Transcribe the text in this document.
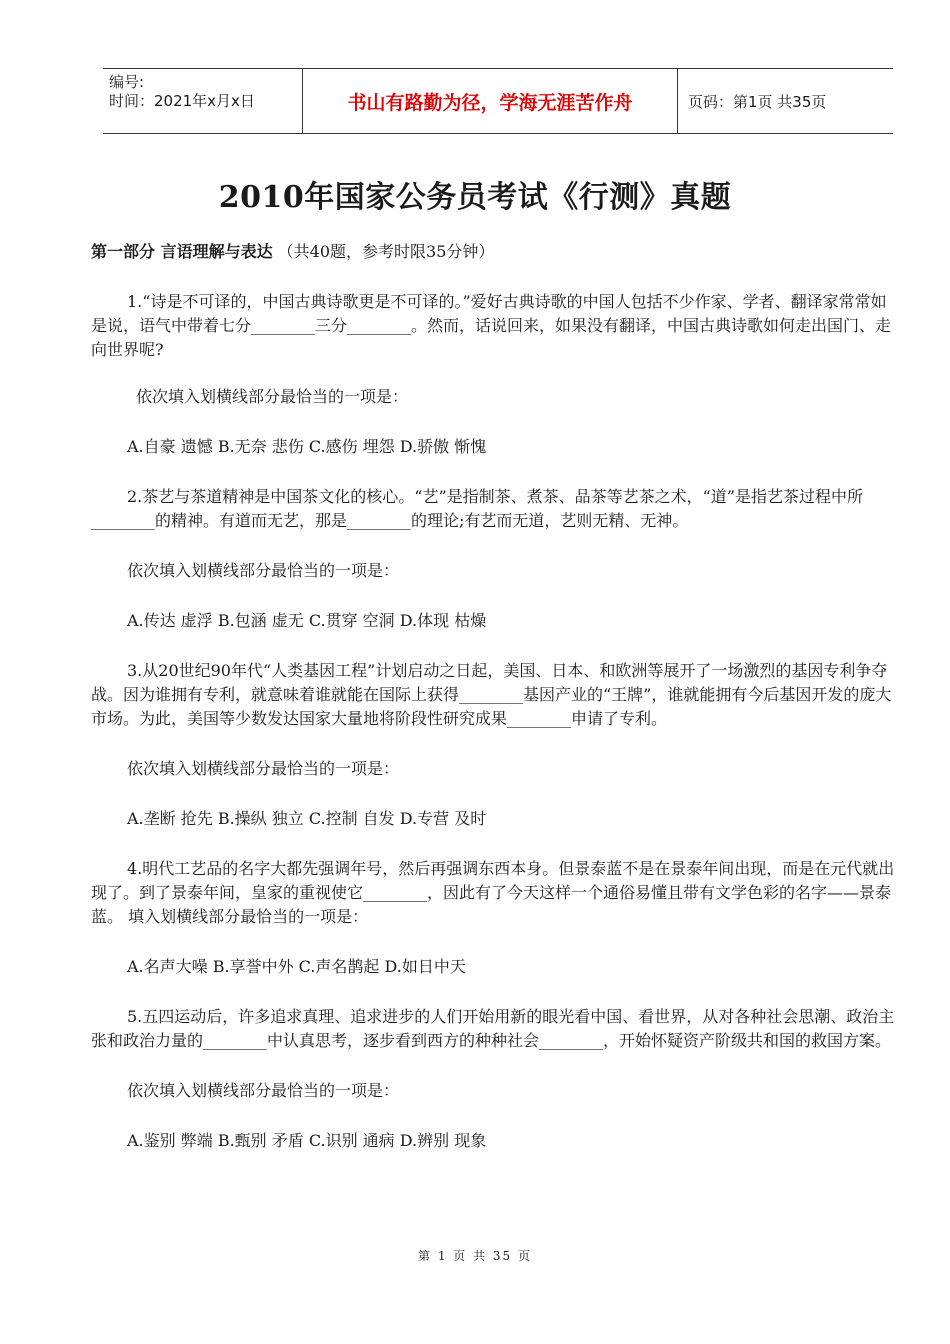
编号:
时间：2021年x月x日	书山有路勤为径，学海无涯苦作舟	页码：第1页 共35页
2010年国家公务员考试《行测》真题

第一部分 言语理解与表达 （共40题，参考时限35分钟）

1.“诗是不可译的，中国古典诗歌更是不可译的。”爱好古典诗歌的中国人包括不少作家、学者、翻译家常常如是说，语气中带着七分________三分________。然而，话说回来，如果没有翻译，中国古典诗歌如何走出国门、走向世界呢?

依次填入划横线部分最恰当的一项是：

A.自豪 遗憾 B.无奈 悲伤 C.感伤 埋怨 D.骄傲 惭愧

2.茶艺与茶道精神是中国茶文化的核心。“艺”是指制茶、煮茶、品茶等艺茶之术，“道”是指艺茶过程中所________的精神。有道而无艺，那是________的理论;有艺而无道，艺则无精、无神。

依次填入划横线部分最恰当的一项是：

A.传达 虚浮 B.包涵 虚无 C.贯穿 空洞 D.体现 枯燥

3.从20世纪90年代“人类基因工程”计划启动之日起，美国、日本、和欧洲等展开了一场激烈的基因专利争夺战。因为谁拥有专利，就意味着谁就能在国际上获得________基因产业的“王牌”，谁就能拥有今后基因开发的庞大市场。为此，美国等少数发达国家大量地将阶段性研究成果________申请了专利。

依次填入划横线部分最恰当的一项是：

A.垄断 抢先 B.操纵 独立 C.控制 自发 D.专营 及时

4.明代工艺品的名字大都先强调年号，然后再强调东西本身。但景泰蓝不是在景泰年间出现，而是在元代就出现了。到了景泰年间，皇家的重视使它________，因此有了今天这样一个通俗易懂且带有文学色彩的名字——景泰蓝。 填入划横线部分最恰当的一项是：

A.名声大噪 B.享誉中外 C.声名鹊起 D.如日中天

5.五四运动后，许多追求真理、追求进步的人们开始用新的眼光看中国、看世界，从对各种社会思潮、政治主张和政治力量的________中认真思考，逐步看到西方的种种社会________，开始怀疑资产阶级共和国的救国方案。

依次填入划横线部分最恰当的一项是：

A.鉴别 弊端 B.甄别 矛盾 C.识别 通病 D.辨别 现象

第 1 页 共 35 页
